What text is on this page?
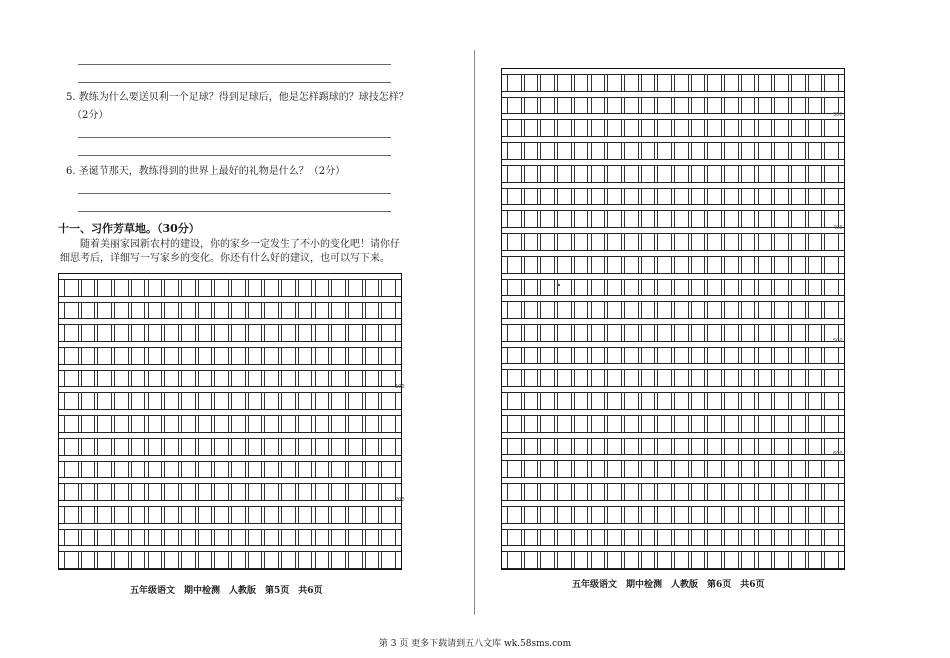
5. 教练为什么要送贝利一个足球？得到足球后，他是怎样踢球的？球技怎样？
（2分）
6. 圣诞节那天，教练得到的世界上最好的礼物是什么？（2分）
十一、习作芳草地。（30分）
随着美丽家园新农村的建设，你的家乡一定发生了不小的变化吧！请你仔细思考后，详细写一写家乡的变化。你还有什么好的建议，也可以写下来。
100
200
五年级语文　期中检测　人教版　第5页　共6页
300
400
500
600
五年级语文　期中检测　人教版　第6页　共6页
第 3 页 更多下载请到五八文库 wk.58sms.com
